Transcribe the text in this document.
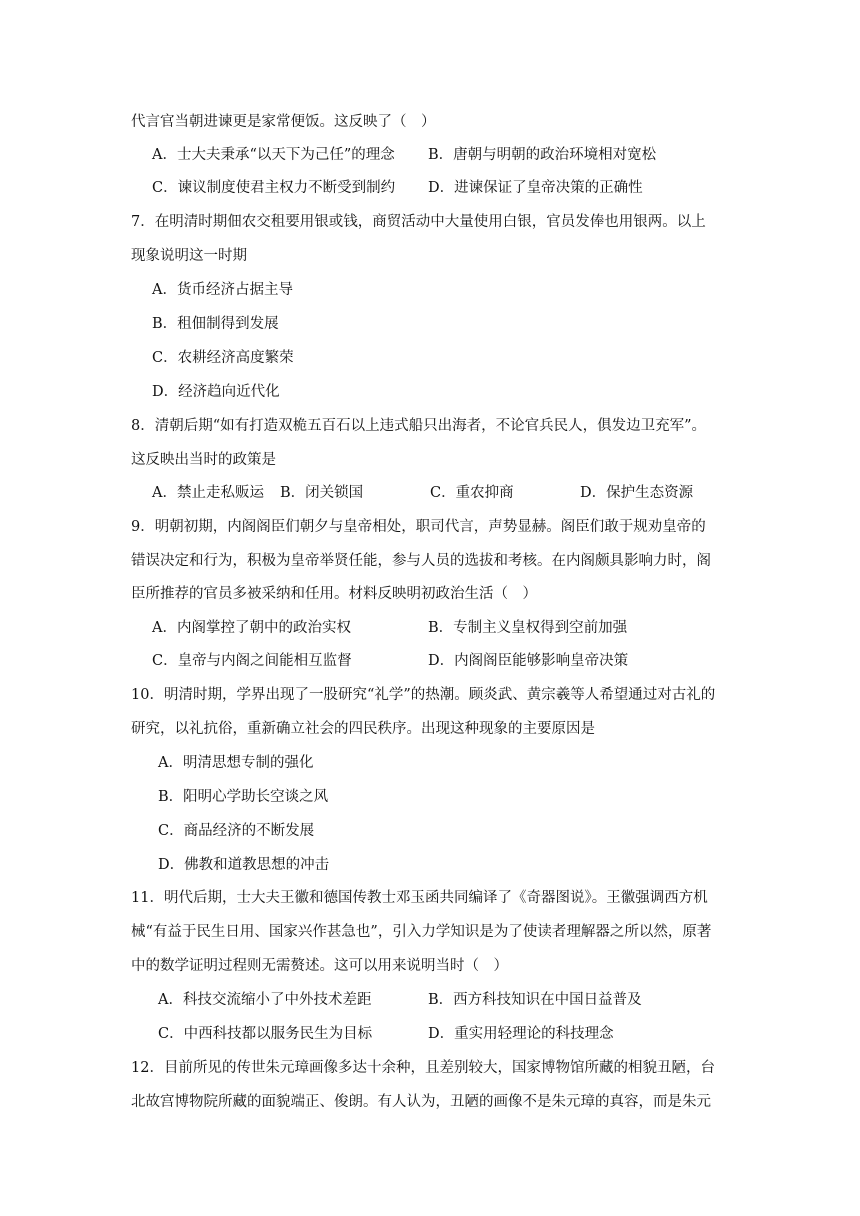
代言官当朝进谏更是家常便饭。这反映了（　）
A．士大夫秉承“以天下为己任”的理念 B．唐朝与明朝的政治环境相对宽松
C．谏议制度使君主权力不断受到制约 D．进谏保证了皇帝决策的正确性
7．在明清时期佃农交租要用银或钱，商贸活动中大量使用白银，官员发俸也用银两。以上
现象说明这一时期
A．货币经济占据主导
B．租佃制得到发展
C．农耕经济高度繁荣
D．经济趋向近代化
8．清朝后期“如有打造双桅五百石以上违式船只出海者，不论官兵民人，俱发边卫充军”。
这反映出当时的政策是
A．禁止走私贩运 B．闭关锁国	C．重农抑商	D．保护生态资源
9．明朝初期，内阁阁臣们朝夕与皇帝相处，职司代言，声势显赫。阁臣们敢于规劝皇帝的
错误决定和行为，积极为皇帝举贤任能，参与人员的选拔和考核。在内阁颇具影响力时，阁
臣所推荐的官员多被采纳和任用。材料反映明初政治生活（　）
A．内阁掌控了朝中的政治实权	B．专制主义皇权得到空前加强
C．皇帝与内阁之间能相互监督	D．内阁阁臣能够影响皇帝决策
10．明清时期，学界出现了一股研究“礼学”的热潮。顾炎武、黄宗羲等人希望通过对古礼的
研究，以礼抗俗，重新确立社会的四民秩序。出现这种现象的主要原因是
A．明清思想专制的强化
B．阳明心学助长空谈之风
C．商品经济的不断发展
D．佛教和道教思想的冲击
11．明代后期，士大夫王徽和德国传教士邓玉函共同编译了《奇器图说》。王徽强调西方机
械“有益于民生日用、国家兴作甚急也”，引入力学知识是为了使读者理解器之所以然，原著
中的数学证明过程则无需赘述。这可以用来说明当时（　）
A．科技交流缩小了中外技术差距	B．西方科技知识在中国日益普及
C．中西科技都以服务民生为目标	D．重实用轻理论的科技理念
12．目前所见的传世朱元璋画像多达十余种，且差别较大，国家博物馆所藏的相貌丑陋，台
北故宫博物院所藏的面貌端正、俊朗。有人认为，丑陋的画像不是朱元璋的真容，而是朱元
